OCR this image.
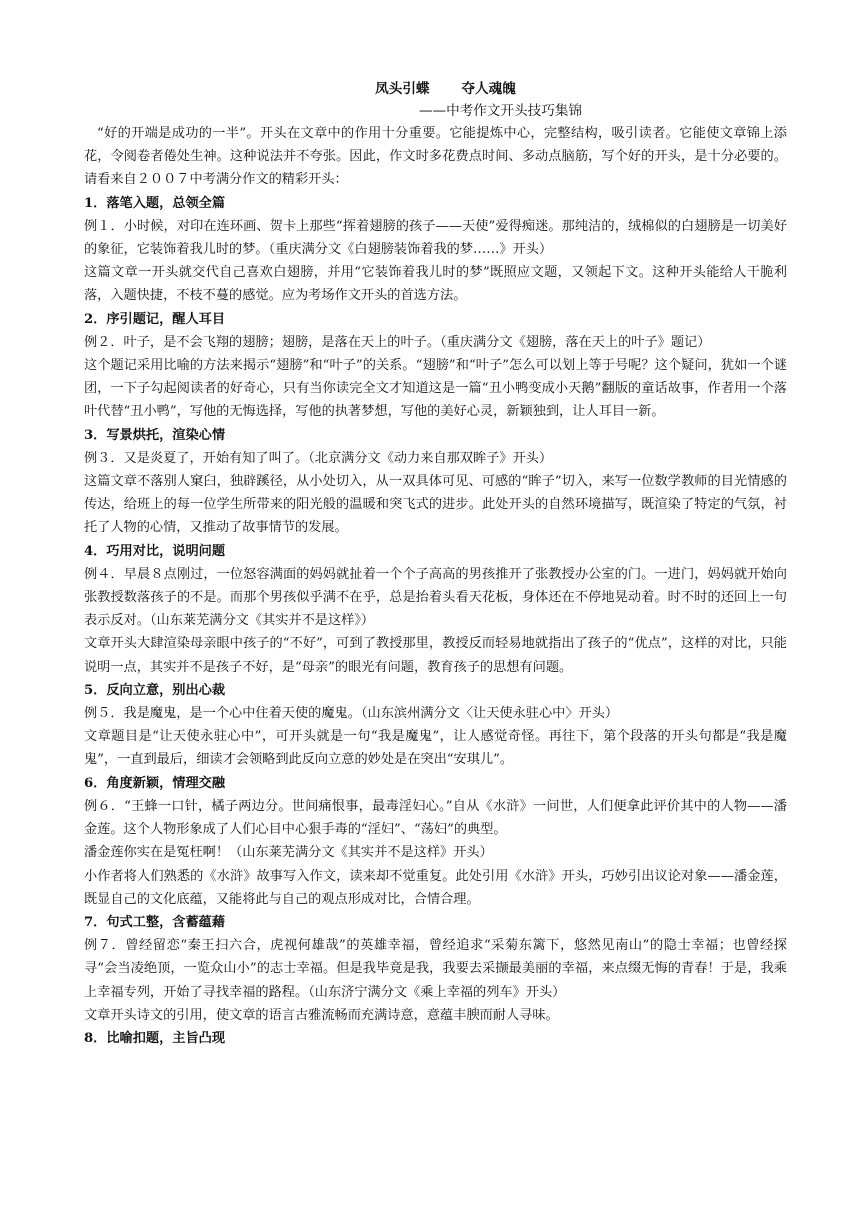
凤头引蝶　　 夺人魂魄
——中考作文开头技巧集锦

“好的开端是成功的一半”。开头在文章中的作用十分重要。它能提炼中心，完整结构，吸引读者。它能使文章锦上添花，令阅卷者倦处生神。这种说法并不夸张。因此，作文时多花费点时间、多动点脑筋，写个好的开头，是十分必要的。请看来自２００７中考满分作文的精彩开头：

1．落笔入题，总领全篇

例１．小时候，对印在连环画、贺卡上那些“挥着翅膀的孩子——天使”爱得痴迷。那纯洁的，绒棉似的白翅膀是一切美好的象征，它装饰着我儿时的梦。（重庆满分文《白翅膀装饰着我的梦……》开头）

这篇文章一开头就交代自己喜欢白翅膀，并用“它装饰着我儿时的梦”既照应文题，又领起下文。这种开头能给人干脆利落，入题快捷，不枝不蔓的感觉。应为考场作文开头的首选方法。

2．序引题记，醒人耳目

例２．叶子，是不会飞翔的翅膀；翅膀，是落在天上的叶子。（重庆满分文《翅膀，落在天上的叶子》题记）

这个题记采用比喻的方法来揭示“翅膀”和“叶子”的关系。“翅膀”和“叶子”怎么可以划上等于号呢？这个疑问，犹如一个谜团，一下子勾起阅读者的好奇心，只有当你读完全文才知道这是一篇“丑小鸭变成小天鹅”翻版的童话故事，作者用一个落叶代替“丑小鸭”，写他的无悔选择，写他的执著梦想，写他的美好心灵，新颖独到，让人耳目一新。

3．写景烘托，渲染心情

例３．又是炎夏了，开始有知了叫了。（北京满分文《动力来自那双眸子》开头）

这篇文章不落别人窠臼，独辟蹊径，从小处切入，从一双具体可见、可感的“眸子”切入，来写一位数学教师的目光情感的传达，给班上的每一位学生所带来的阳光般的温暖和突飞式的进步。此处开头的自然环境描写，既渲染了特定的气氛，衬托了人物的心情，又推动了故事情节的发展。

4．巧用对比，说明问题

例４．早晨８点刚过，一位怒容满面的妈妈就扯着一个个子高高的男孩推开了张教授办公室的门。一进门，妈妈就开始向张教授数落孩子的不是。而那个男孩似乎满不在乎，总是抬着头看天花板，身体还在不停地晃动着。时不时的还回上一句表示反对。（山东莱芜满分文《其实并不是这样》）

文章开头大肆渲染母亲眼中孩子的“不好”，可到了教授那里，教授反而轻易地就指出了孩子的“优点”，这样的对比，只能说明一点，其实并不是孩子不好，是“母亲”的眼光有问题，教育孩子的思想有问题。

5．反向立意，别出心裁

例５．我是魔鬼，是一个心中住着天使的魔鬼。（山东滨州满分文〈让天使永驻心中〉开头）

文章题目是“让天使永驻心中”，可开头就是一句“我是魔鬼”，让人感觉奇怪。再往下，第个段落的开头句都是“我是魔鬼”，一直到最后，细读才会领略到此反向立意的妙处是在突出“安琪儿”。

6．角度新颖，情理交融

例６．“王蜂一口针，橘子两边分。世间痛恨事，最毒淫妇心。”自从《水浒》一问世，人们便拿此评价其中的人物——潘金莲。这个人物形象成了人们心目中心狠手毒的“淫妇”、“荡妇”的典型。

潘金莲你实在是冤枉啊！（山东莱芜满分文《其实并不是这样》开头）

小作者将人们熟悉的《水浒》故事写入作文，读来却不觉重复。此处引用《水浒》开头，巧妙引出议论对象——潘金莲，既显自己的文化底蕴，又能将此与自己的观点形成对比，合情合理。

7．句式工整，含蓄蕴藉

例７．曾经留恋“秦王扫六合，虎视何雄哉”的英雄幸福，曾经追求“采菊东篱下，悠然见南山”的隐士幸福；也曾经探寻“会当凌绝顶，一览众山小”的志士幸福。但是我毕竟是我，我要去采撷最美丽的幸福，来点缀无悔的青春！于是，我乘上幸福专列，开始了寻找幸福的路程。（山东济宁满分文《乘上幸福的列车》开头）

文章开头诗文的引用，使文章的语言古雅流畅而充满诗意，意蕴丰腴而耐人寻味。

8．比喻扣题，主旨凸现
